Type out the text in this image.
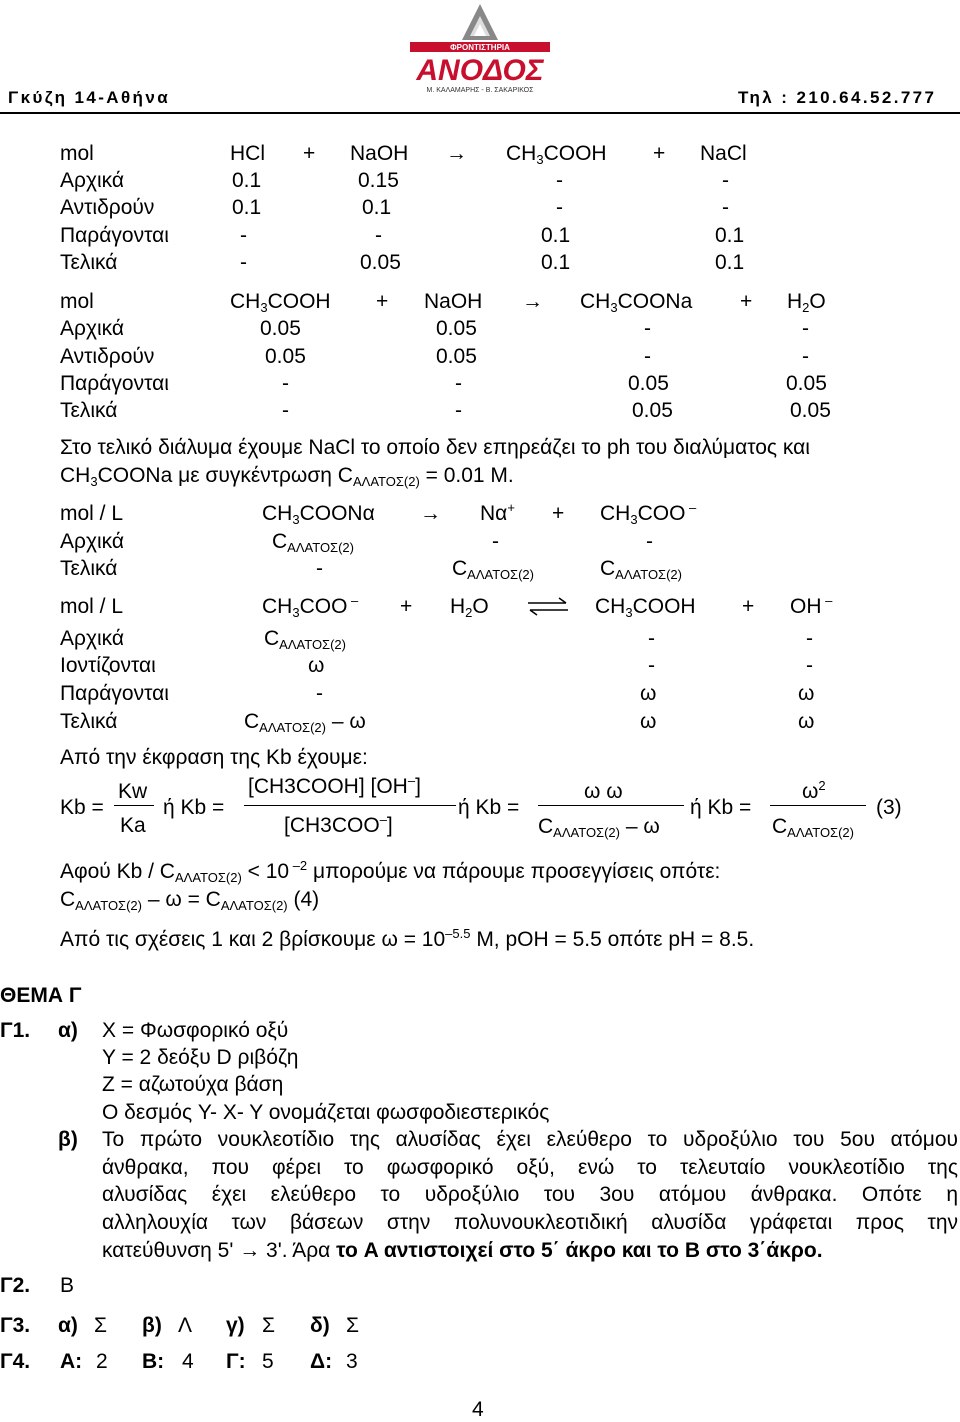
Γκύζη 14-Αθήνα	Τηλ : 210.64.52.777
ΦΡΟΝΤΙΣΤΗΡΙΑ
ΑΝΟΔΟΣ
Μ. ΚΑΛΑΜΑΡΗΣ - Β. ΣΑΚΑΡΙΚΟΣ
mol	HCl + NaOH → $CH_3COOH$ + NaCl
Αρχικά	0.1	0.15	-	-
Αντιδρούν	0.1	0.1	-	-
Παράγονται	-	-	0.1	0.1
Τελικά	-	0.05	0.1	0.1
mol	$CH_3COOH$ + NaOH → $CH_3COONa + H_2O$
Αρχικά	0.05	0.05	-	-
Αντιδρούν	0.05	0.05	-	-
Παράγονται	-	-	0.05	0.05
Τελικά	-	-	0.05	0.05
Στο τελικό διάλυμα έχουμε NaCl το οποίο δεν επηρεάζει το ph του διαλύματος και
$CH_3COONa$ με συγκέντρωση $C_{A\Lambda ATO\Sigma(2)} = 0.01$ M.
mol / L	$CH_3COON\alpha \to N\alpha^+ + CH_3COO$ –
Αρχικά	$C_{A\Lambda ATO\Sigma(2)}$	-	-
Τελικά	-	$C_{A\Lambda ATO\Sigma(2)}$	$C_{A\Lambda ATO\Sigma(2)}$
mol / L	$CH_3COO$ $^- + H_2O$	$CH_3COOH$ + OH –
Αρχικά	$C_{A\Lambda ATO\Sigma(2)}$	-	-
Ιοντίζονται	ω	-	-
Παράγονται	-	ω	ω
Τελικά	$C_{A\Lambda ATO\Sigma(2)}$ – ω	ω	ω
Από την έκφραση της Kb έχουμε:
Kb =
Kw
Ka
ή Kb =
[CH3COOH] [OH–]
[CH3COO–]
ή Kb =
ω ω
$C_{A\Lambda ATO\Sigma(2)}$ – ω
ή Kb =
$\omega^2$
$C_{A\Lambda ATO\Sigma(2)}$
(3)
Αφού $Kb / C_{A\Lambda ATO\Sigma(2)} < 10$ $^{-2}$ μπορούμε να πάρουμε προσεγγίσεις οπότε:
$C_{A\Lambda ATO\Sigma(2)} - \omega = C_{A\Lambda ATO\Sigma(2)}$ (4)
Από τις σχέσεις 1 και 2 βρίσκουμε $\omega = 10^{-5.5}$ M, pOH = 5.5 οπότε pH = 8.5.
ΘΕΜΑ Γ
Γ1. α) X = Φωσφορικό οξύ
Y = 2 δεόξυ D ριβόζη
Z = αζωτούχα βάση
Ο δεσμός Y- X- Y ονομάζεται φωσφοδιεστερικός
β) Το πρώτο νουκλεοτίδιο της αλυσίδας έχει ελεύθερο το υδροξύλιο του 5ου ατόμου
άνθρακα, που φέρει το φωσφορικό οξύ, ενώ το τελευταίο νουκλεοτίδιο της
αλυσίδας έχει ελεύθερο το υδροξύλιο του 3ου ατόμου άνθρακα. Οπότε η
αλληλουχία των βάσεων στην πολυνουκλεοτιδική αλυσίδα γράφεται προς την
κατεύθυνση 5' → 3'. Άρα το A αντιστοιχεί στο 5΄ άκρο και το B στο 3΄άκρο.
Γ2. B
Γ3. α) Σ β) Λ γ) Σ δ) Σ
Γ4. A: 2 B: 4 Γ: 5 Δ: 3
4
